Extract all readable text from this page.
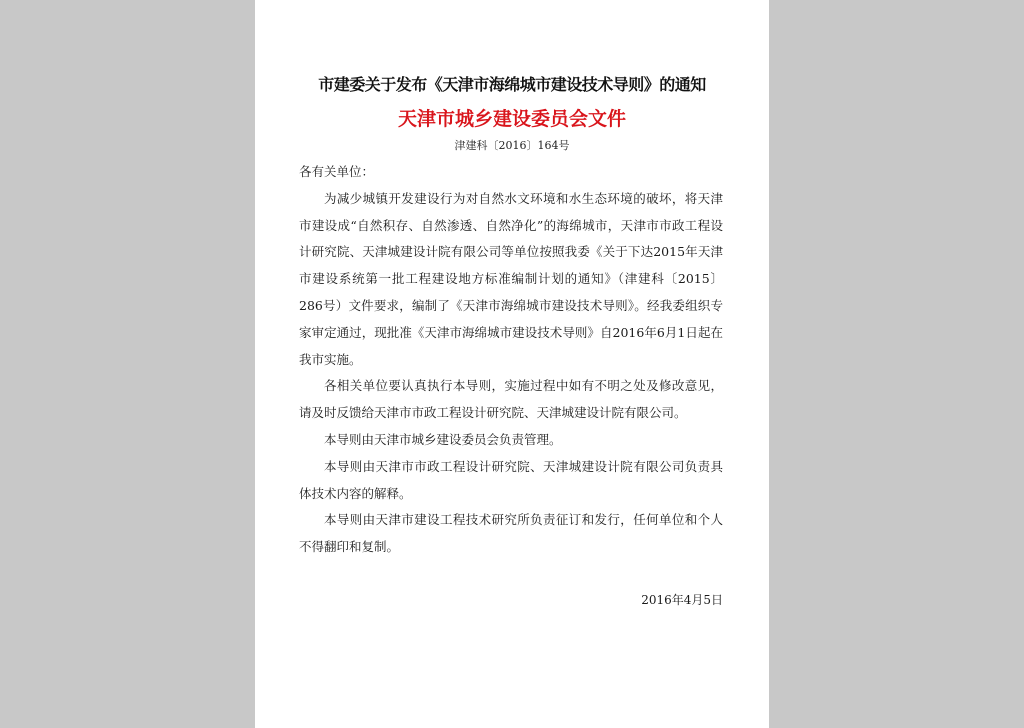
市建委关于发布《天津市海绵城市建设技术导则》的通知
天津市城乡建设委员会文件
津建科〔2016〕164号

各有关单位：

为减少城镇开发建设行为对自然水文环境和水生态环境的破坏，将天津市建设成“自然积存、自然渗透、自然净化”的海绵城市，天津市市政工程设计研究院、天津城建设计院有限公司等单位按照我委《关于下达2015年天津市建设系统第一批工程建设地方标准编制计划的通知》（津建科〔2015〕286号）文件要求，编制了《天津市海绵城市建设技术导则》。经我委组织专家审定通过，现批准《天津市海绵城市建设技术导则》自2016年6月1日起在我市实施。

各相关单位要认真执行本导则，实施过程中如有不明之处及修改意见，请及时反馈给天津市市政工程设计研究院、天津城建设计院有限公司。

本导则由天津市城乡建设委员会负责管理。

本导则由天津市市政工程设计研究院、天津城建设计院有限公司负责具体技术内容的解释。

本导则由天津市建设工程技术研究所负责征订和发行，任何单位和个人不得翻印和复制。

2016年4月5日
